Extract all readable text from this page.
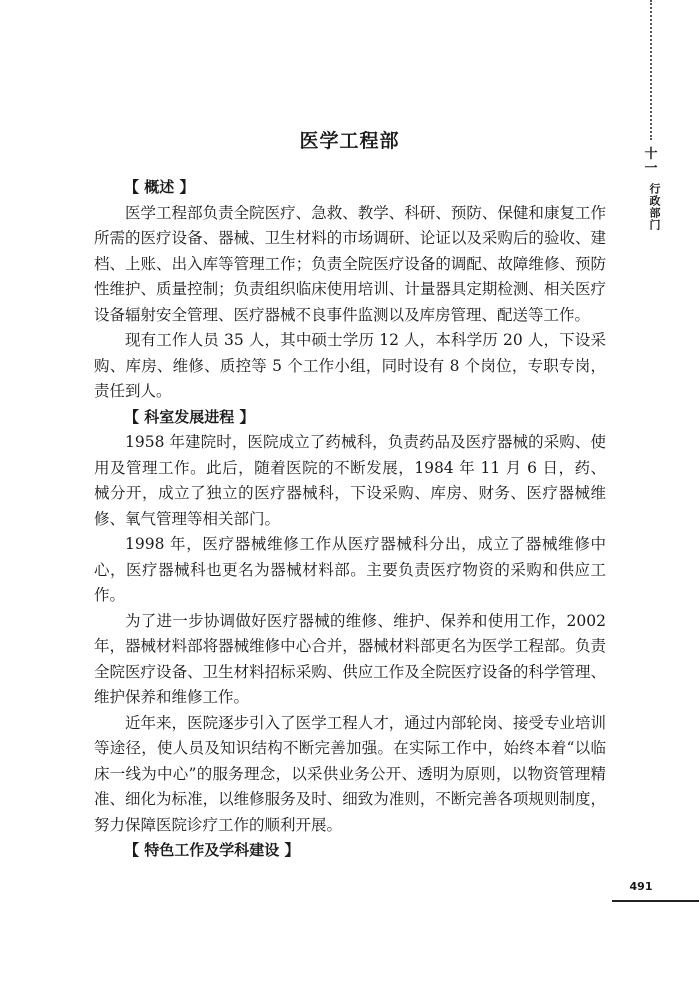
十一
行政部门
医学工程部
【 概述 】

医学工程部负责全院医疗、急救、教学、科研、预防、保健和康复工作所需的医疗设备、器械、卫生材料的市场调研、论证以及采购后的验收、建档、上账、出入库等管理工作；负责全院医疗设备的调配、故障维修、预防性维护、质量控制；负责组织临床使用培训、计量器具定期检测、相关医疗设备辐射安全管理、医疗器械不良事件监测以及库房管理、配送等工作。

现有工作人员 35 人，其中硕士学历 12 人，本科学历 20 人，下设采购、库房、维修、质控等 5 个工作小组，同时设有 8 个岗位，专职专岗，责任到人。

【 科室发展进程 】

1958 年建院时，医院成立了药械科，负责药品及医疗器械的采购、使用及管理工作。此后，随着医院的不断发展，1984 年 11 月 6 日，药、械分开，成立了独立的医疗器械科，下设采购、库房、财务、医疗器械维修、氧气管理等相关部门。

1998 年，医疗器械维修工作从医疗器械科分出，成立了器械维修中心，医疗器械科也更名为器械材料部。主要负责医疗物资的采购和供应工作。

为了进一步协调做好医疗器械的维修、维护、保养和使用工作，2002 年，器械材料部将器械维修中心合并，器械材料部更名为医学工程部。负责全院医疗设备、卫生材料招标采购、供应工作及全院医疗设备的科学管理、维护保养和维修工作。

近年来，医院逐步引入了医学工程人才，通过内部轮岗、接受专业培训等途径，使人员及知识结构不断完善加强。在实际工作中，始终本着“以临床一线为中心”的服务理念，以采供业务公开、透明为原则，以物资管理精准、细化为标准，以维修服务及时、细致为准则，不断完善各项规则制度，努力保障医院诊疗工作的顺利开展。

【 特色工作及学科建设 】
491
